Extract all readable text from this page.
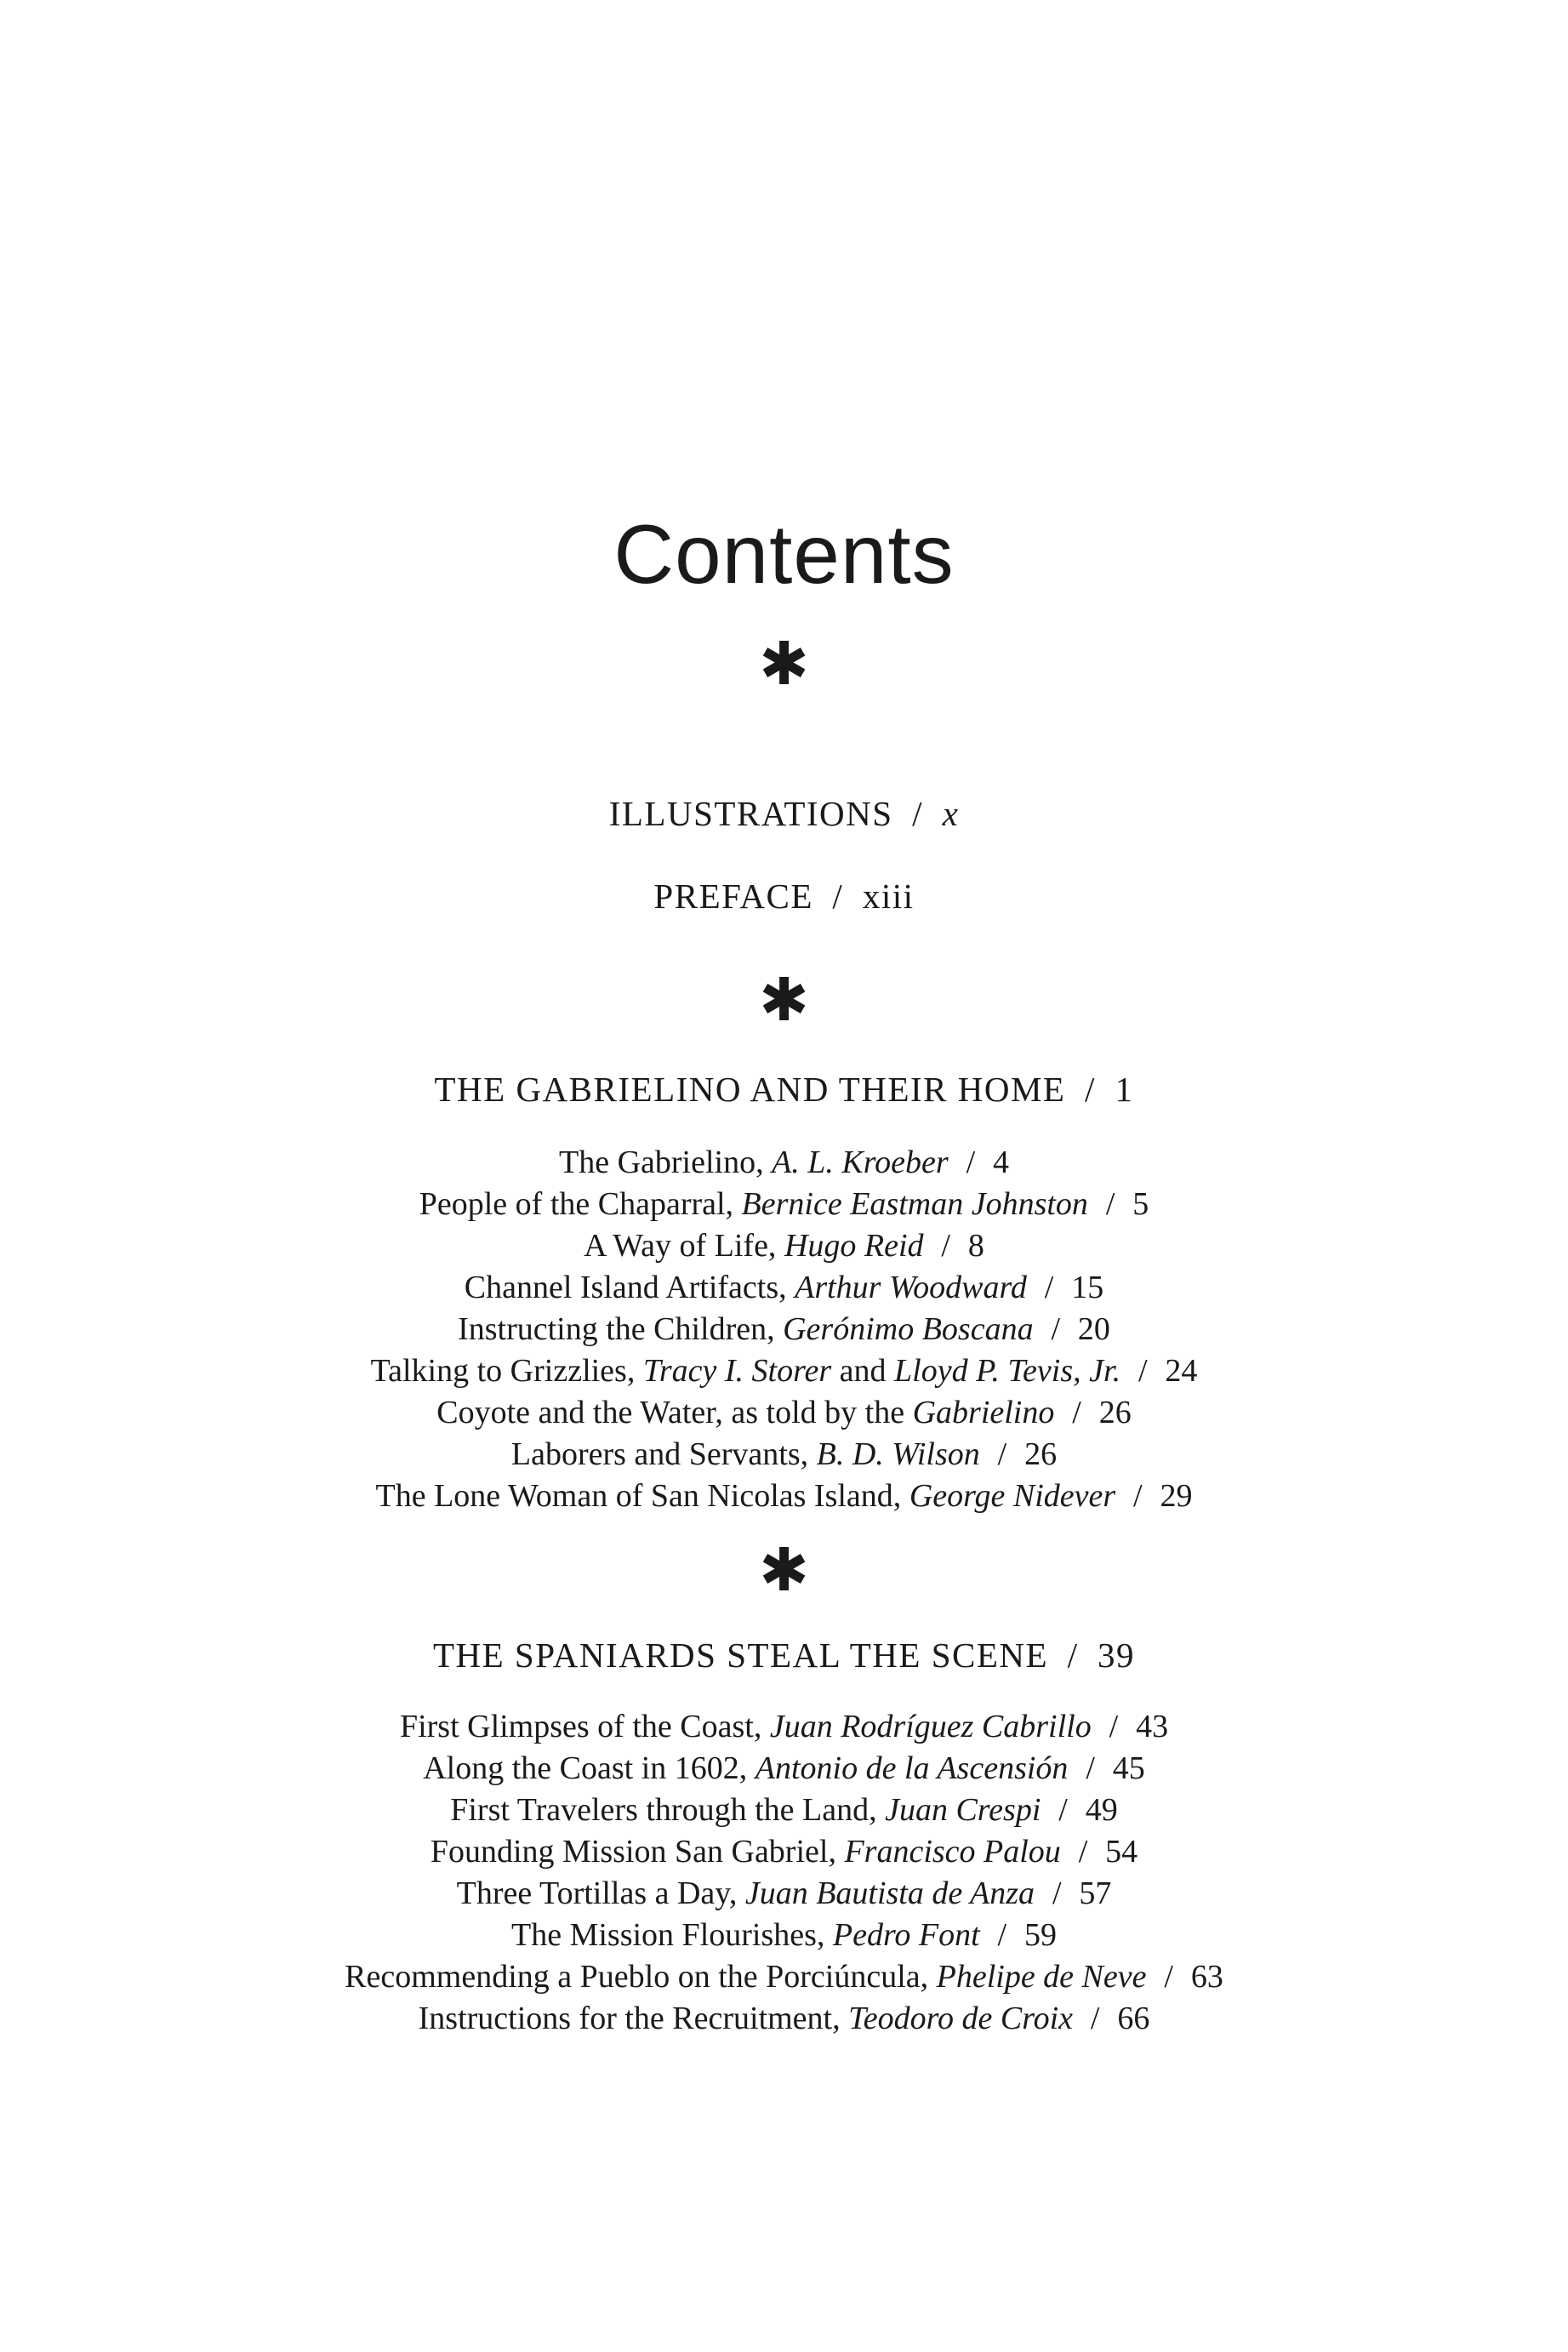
Contents
✱
ILLUSTRATIONS / x
PREFACE / xiii
✱
THE GABRIELINO AND THEIR HOME / 1
The Gabrielino, A. L. Kroeber / 4
People of the Chaparral, Bernice Eastman Johnston / 5
A Way of Life, Hugo Reid / 8
Channel Island Artifacts, Arthur Woodward / 15
Instructing the Children, Gerónimo Boscana / 20
Talking to Grizzlies, Tracy I. Storer and Lloyd P. Tevis, Jr. / 24
Coyote and the Water, as told by the Gabrielino / 26
Laborers and Servants, B. D. Wilson / 26
The Lone Woman of San Nicolas Island, George Nidever / 29
✱
THE SPANIARDS STEAL THE SCENE / 39
First Glimpses of the Coast, Juan Rodríguez Cabrillo / 43
Along the Coast in 1602, Antonio de la Ascensión / 45
First Travelers through the Land, Juan Crespi / 49
Founding Mission San Gabriel, Francisco Palou / 54
Three Tortillas a Day, Juan Bautista de Anza / 57
The Mission Flourishes, Pedro Font / 59
Recommending a Pueblo on the Porciúncula, Phelipe de Neve / 63
Instructions for the Recruitment, Teodoro de Croix / 66
